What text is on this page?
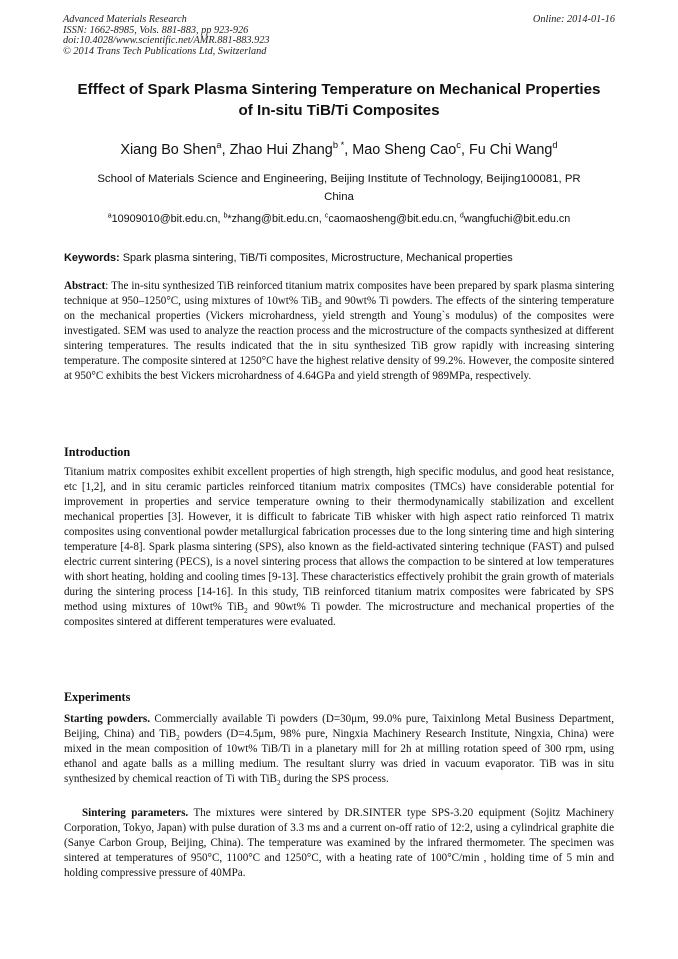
Advanced Materials Research
ISSN: 1662-8985, Vols. 881-883, pp 923-926
doi:10.4028/www.scientific.net/AMR.881-883.923
© 2014 Trans Tech Publications Ltd, Switzerland
Online: 2014-01-16
Efffect of Spark Plasma Sintering Temperature on Mechanical Properties
of In-situ TiB/Ti Composites
Xiang Bo Shen$^a$, Zhao Hui Zhang$^{b *}$, Mao Sheng Cao$^c$, Fu Chi Wang$^d$
School of Materials Science and Engineering, Beijing Institute of Technology, Beijing100081, PR
China
$^a$10909010@bit.edu.cn, $^b$*zhang@bit.edu.cn, $^c$caomaosheng@bit.edu.cn, $^d$wangfuchi@bit.edu.cn
Keywords: Spark plasma sintering, TiB/Ti composites, Microstructure, Mechanical properties

Abstract: The in-situ synthesized TiB reinforced titanium matrix composites have been prepared by spark plasma sintering technique at 950–1250°C, using mixtures of 10wt% TiB$_2$ and 90wt% Ti powders. The effects of the sintering temperature on the mechanical properties (Vickers microhardness, yield strength and Young`s modulus) of the composites were investigated. SEM was used to analyze the reaction process and the microstructure of the compacts synthesized at different sintering temperatures. The results indicated that the in situ synthesized TiB grow rapidly with increasing sintering temperature. The composite sintered at 1250°C have the highest relative density of 99.2%. However, the composite sintered at 950°C exhibits the best Vickers microhardness of 4.64GPa and yield strength of 989MPa, respectively.

Introduction

Titanium matrix composites exhibit excellent properties of high strength, high specific modulus, and good heat resistance, etc [1,2], and in situ ceramic particles reinforced titanium matrix composites (TMCs) have considerable potential for improvement in properties and service temperature owning to their thermodynamically stabilization and excellent mechanical properties [3]. However, it is difficult to fabricate TiB whisker with high aspect ratio reinforced Ti matrix composites using conventional powder metallurgical fabrication processes due to the long sintering time and high sintering temperature [4-8]. Spark plasma sintering (SPS), also known as the field-activated sintering technique (FAST) and pulsed electric current sintering (PECS), is a novel sintering process that allows the compaction to be sintered at low temperatures with short heating, holding and cooling times [9-13]. These characteristics effectively prohibit the grain growth of materials during the sintering process [14-16]. In this study, TiB reinforced titanium matrix composites were fabricated by SPS method using mixtures of 10wt% TiB$_2$ and 90wt% Ti powder. The microstructure and mechanical properties of the composites sintered at different temperatures were evaluated.

Experiments

Starting powders. Commercially available Ti powders (D=30μm, 99.0% pure, Taixinlong Metal Business Department, Beijing, China) and TiB$_2$ powders (D=4.5μm, 98% pure, Ningxia Machinery Research Institute, Ningxia, China) were mixed in the mean composition of 10wt% TiB/Ti in a planetary mill for 2h at milling rotation speed of 300 rpm, using ethanol and agate balls as a milling medium. The resultant slurry was dried in vacuum evaporator. TiB was in situ synthesized by chemical reaction of Ti with TiB$_2$ during the SPS process.

Sintering parameters. The mixtures were sintered by DR.SINTER type SPS-3.20 equipment (Sojitz Machinery Corporation, Tokyo, Japan) with pulse duration of 3.3 ms and a current on-off ratio of 12:2, using a cylindrical graphite die (Sanye Carbon Group, Beijing, China). The temperature was examined by the infrared thermometer. The specimen was sintered at temperatures of 950°C, 1100°C and 1250°C, with a heating rate of 100°C/min , holding time of 5 min and holding compressive pressure of 40MPa.
